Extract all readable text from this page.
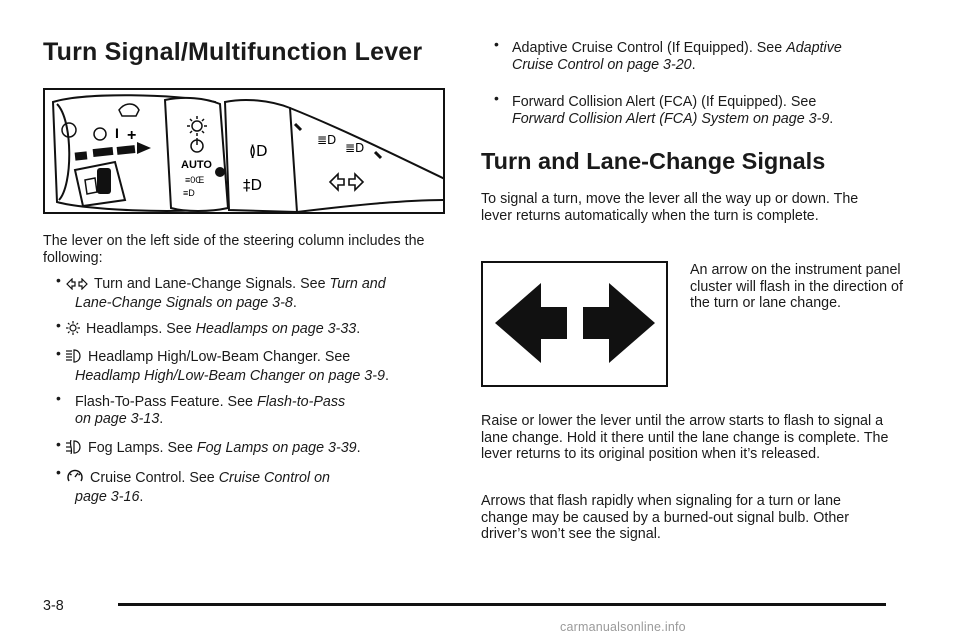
Turn Signal/Multifunction Lever
I +
AUTO
≡0Œ
≡D
≬D
‡D
≣D
≣D

The lever on the left side of the steering column includes the following:

• Turn and Lane-Change Signals. See Turn and
Lane-Change Signals on page 3-8.
• Headlamps. See Headlamps on page 3-33.
• Headlamp High/Low-Beam Changer. See
Headlamp High/Low-Beam Changer on page 3-9.
• Flash-To-Pass Feature. See Flash-to-Pass
on page 3-13.
• Fog Lamps. See Fog Lamps on page 3-39.
• Cruise Control. See Cruise Control on
page 3-16.
• Adaptive Cruise Control (If Equipped). See Adaptive
Cruise Control on page 3-20.
• Forward Collision Alert (FCA) (If Equipped). See
Forward Collision Alert (FCA) System on page 3-9.
Turn and Lane-Change Signals

To signal a turn, move the lever all the way up or down. The lever returns automatically when the turn is complete.

An arrow on the instrument panel cluster will flash in the direction of the turn or lane change.

Raise or lower the lever until the arrow starts to flash to signal a lane change. Hold it there until the lane change is complete. The lever returns to its original position when it’s released.

Arrows that flash rapidly when signaling for a turn or lane change may be caused by a burned-out signal bulb. Other driver’s won’t see the signal.

3-8
carmanualsonline.info
